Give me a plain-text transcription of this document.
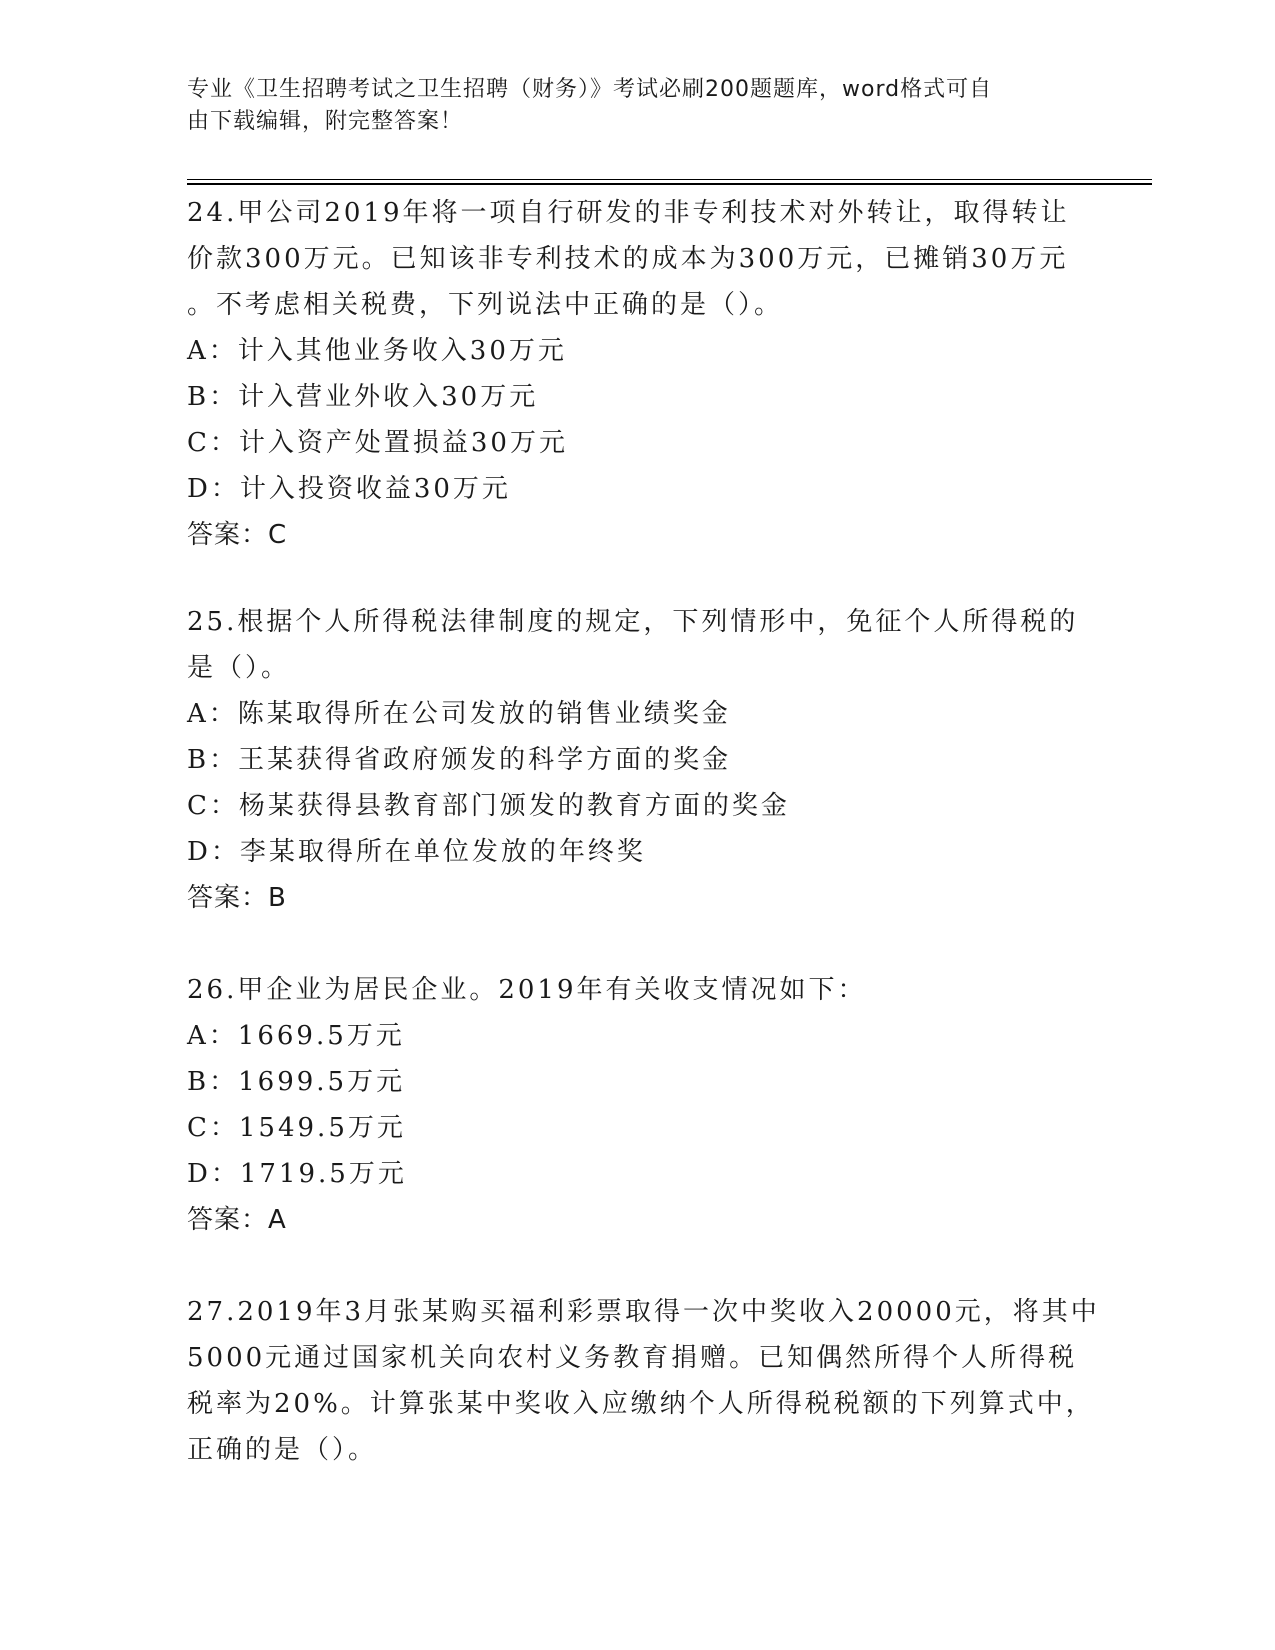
专业《卫生招聘考试之卫生招聘（财务）》考试必刷200题题库，word格式可自
由下载编辑，附完整答案！
24.甲公司2019年将一项自行研发的非专利技术对外转让，取得转让
价款300万元。已知该非专利技术的成本为300万元，已摊销30万元
。不考虑相关税费，下列说法中正确的是（）。
A：计入其他业务收入30万元
B：计入营业外收入30万元
C：计入资产处置损益30万元
D：计入投资收益30万元
答案：C
25.根据个人所得税法律制度的规定，下列情形中，免征个人所得税的
是（）。
A：陈某取得所在公司发放的销售业绩奖金
B：王某获得省政府颁发的科学方面的奖金
C：杨某获得县教育部门颁发的教育方面的奖金
D：李某取得所在单位发放的年终奖
答案：B
26.甲企业为居民企业。2019年有关收支情况如下：
A：1669.5万元
B：1699.5万元
C：1549.5万元
D：1719.5万元
答案：A
27.2019年3月张某购买福利彩票取得一次中奖收入20000元，将其中
5000元通过国家机关向农村义务教育捐赠。已知偶然所得个人所得税
税率为20%。计算张某中奖收入应缴纳个人所得税税额的下列算式中，
正确的是（）。
